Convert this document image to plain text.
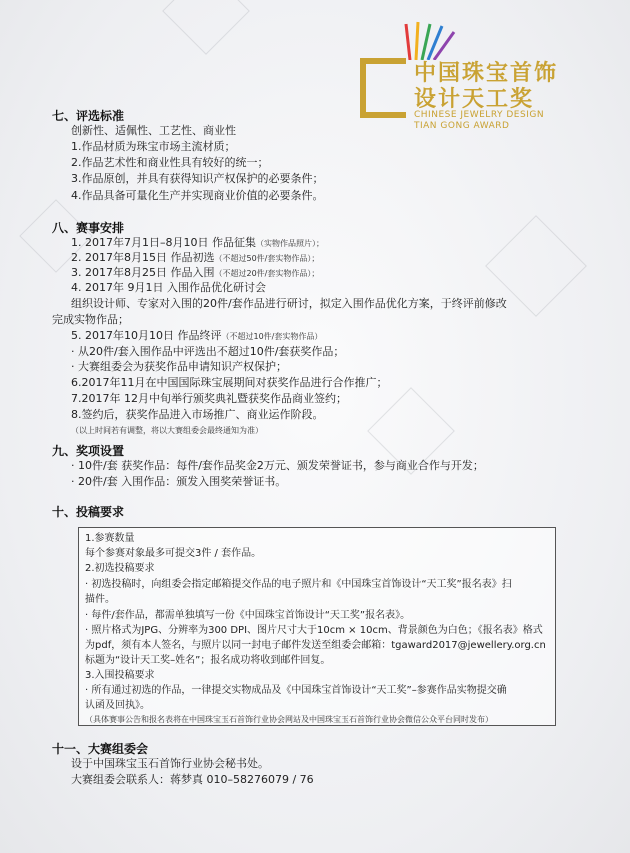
中国珠宝首饰
设计天工奖
CHINESE JEWELRY DESIGN
TIAN GONG AWARD
七、评选标准
创新性、适佩性、工艺性、商业性
1.作品材质为珠宝市场主流材质；
2.作品艺术性和商业性具有较好的统一；
3.作品原创，并具有获得知识产权保护的必要条件；
4.作品具备可量化生产并实现商业价值的必要条件。
八、赛事安排
1. 2017年7月1日–8月10日 作品征集（实物作品照片）；
2. 2017年8月15日 作品初选（不超过50件/套实物作品）；
3. 2017年8月25日 作品入围（不超过20件/套实物作品）；
4. 2017年 9月1日 入围作品优化研讨会
组织设计师、专家对入围的20件/套作品进行研讨，拟定入围作品优化方案，于终评前修改
完成实物作品；
5. 2017年10月10日 作品终评（不超过10件/套实物作品）
· 从20件/套入围作品中评选出不超过10件/套获奖作品；
· 大赛组委会为获奖作品申请知识产权保护；
6.2017年11月在中国国际珠宝展期间对获奖作品进行合作推广；
7.2017年 12月中旬举行颁奖典礼暨获奖作品商业签约；
8.签约后，获奖作品进入市场推广、商业运作阶段。
（以上时间若有调整，将以大赛组委会最终通知为准）
九、奖项设置
· 10件/套 获奖作品：每件/套作品奖金2万元、颁发荣誉证书，参与商业合作与开发；
· 20件/套 入围作品：颁发入围奖荣誉证书。
十、投稿要求
1.参赛数量
每个参赛对象最多可提交3件 / 套作品。
2.初选投稿要求
· 初选投稿时，向组委会指定邮箱提交作品的电子照片和《中国珠宝首饰设计“天工奖”报名表》扫
描件。
· 每件/套作品，都需单独填写一份《中国珠宝首饰设计“天工奖”报名表》。
· 照片格式为JPG、分辨率为300 DPI、图片尺寸大于10cm × 10cm、背景颜色为白色；《报名表》格式
为pdf，须有本人签名，与照片以同一封电子邮件发送至组委会邮箱：tgaward2017@jewellery.org.cn
标题为“设计天工奖–姓名”；报名成功将收到邮件回复。
3.入围投稿要求
· 所有通过初选的作品，一律提交实物成品及《中国珠宝首饰设计“天工奖”–参赛作品实物提交确
认函及回执》。
（具体赛事公告和报名表将在中国珠宝玉石首饰行业协会网站及中国珠宝玉石首饰行业协会微信公众平台同时发布）
十一、大赛组委会
设于中国珠宝玉石首饰行业协会秘书处。
大赛组委会联系人：蒋梦真 010–58276079 / 76
